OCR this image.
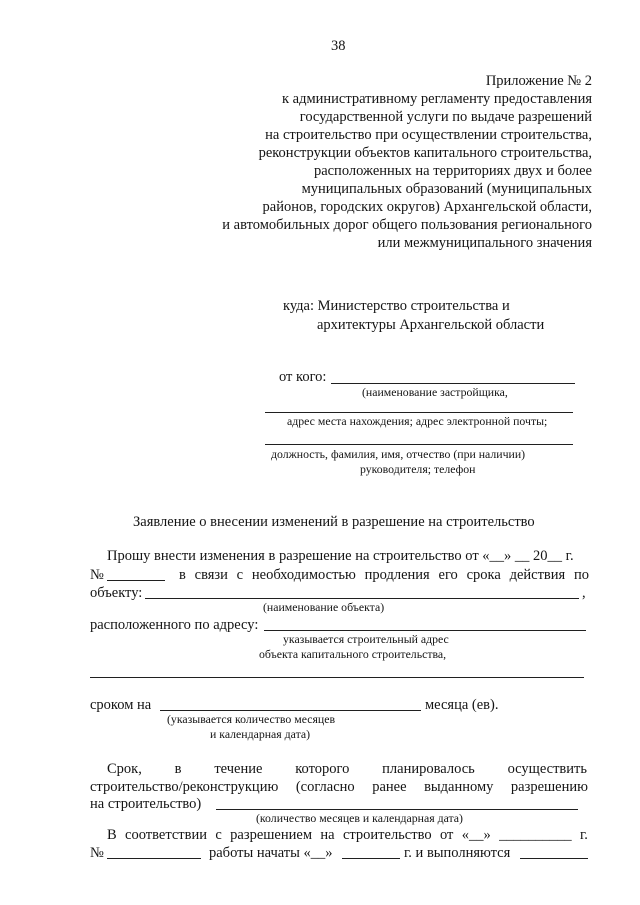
38
Приложение № 2
к административному регламенту предоставления
государственной услуги по выдаче разрешений
на строительство при осуществлении строительства,
реконструкции объектов капитального строительства,
расположенных на территориях двух и более
муниципальных образований (муниципальных
районов, городских округов) Архангельской области,
и автомобильных дорог общего пользования регионального
или межмуниципального значения
куда: Министерство строительства и
архитектуры Архангельской области
от кого:
(наименование застройщика,
адрес места нахождения; адрес электронной почты;
должность, фамилия, имя, отчество (при наличии)
руководителя; телефон
Заявление о внесении изменений в разрешение на строительство
Прошу внести изменения в разрешение на строительство от «__» __ 20__ г.
№	в связи с необходимостью продления его срока действия по
объекту:	,
(наименование объекта)
расположенного по адресу:
указывается строительный адрес
объекта капитального строительства,
сроком на	месяца (ев).
(указывается количество месяцев
и календарная дата)
Срок, в течение которого планировалось осуществить
строительство/реконструкцию (согласно ранее выданному разрешению
на строительство)
(количество месяцев и календарная дата)
В соответствии с разрешением на строительство от «__» __________ г.
№	работы начаты «__»	г. и выполняются
